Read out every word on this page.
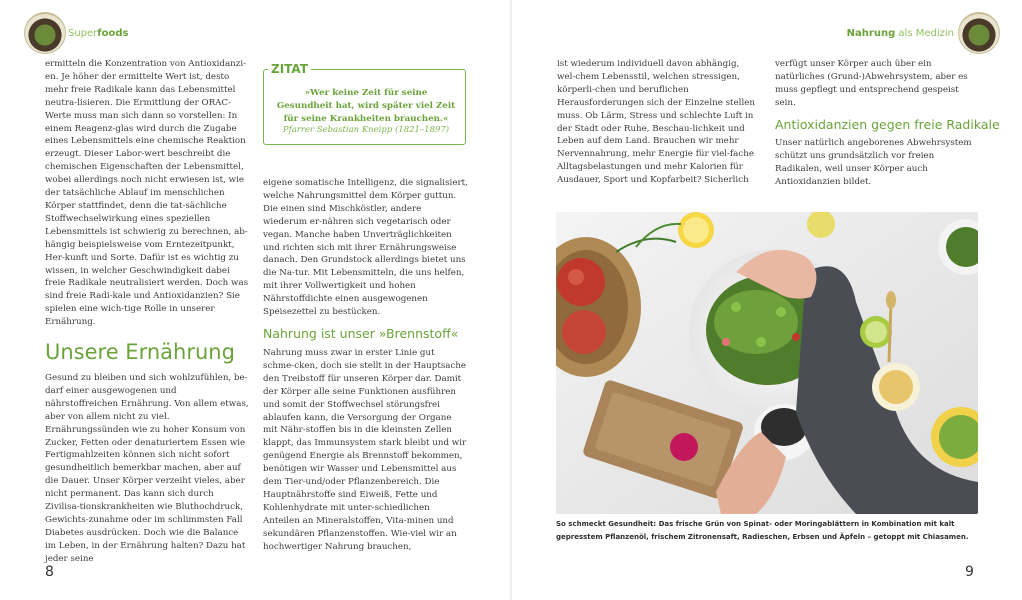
Superfoods	Nahrung als Medizin

ermitteln die Konzentration von Antioxidanzi-en. Je höher der ermittelte Wert ist, desto mehr freie Radikale kann das Lebensmittel neutra-lisieren. Die Ermittlung der ORAC-Werte muss man sich dann so vorstellen: In einem Reagenz-glas wird durch die Zugabe eines Lebensmittels eine chemische Reaktion erzeugt. Dieser Labor-wert beschreibt die chemischen Eigenschaften der Lebensmittel, wobei allerdings noch nicht erwiesen ist, wie der tatsächliche Ablauf im menschlichen Körper stattfindet, denn die tat-sächliche Stoffwechselwirkung eines speziellen Lebensmittels ist schwierig zu berechnen, ab-hängig beispielsweise vom Erntezeitpunkt, Her-kunft und Sorte. Dafür ist es wichtig zu wissen, in welcher Geschwindigkeit dabei freie Radikale neutralisiert werden. Doch was sind freie Radi-kale und Antioxidanzien? Sie spielen eine wich-tige Rolle in unserer Ernährung.

Unsere Ernährung

Gesund zu bleiben und sich wohlzufühlen, be-darf einer ausgewogenen und nährstoffreichen Ernährung. Von allem etwas, aber von allem nicht zu viel. Ernährungssünden wie zu hoher Konsum von Zucker, Fetten oder denaturiertem Essen wie Fertigmahlzeiten können sich nicht sofort gesundheitlich bemerkbar machen, aber auf die Dauer. Unser Körper verzeiht vieles, aber nicht permanent. Das kann sich durch Zivilisa-tionskrankheiten wie Bluthochdruck, Gewichts-zunahme oder im schlimmsten Fall Diabetes ausdrücken. Doch wie die Balance im Leben, in der Ernährung halten? Dazu hat jeder seine

ZITAT
»Wer keine Zeit für seine Gesundheit hat, wird später viel Zeit für seine Krankheiten brauchen.«
Pfarrer Sebastian Kneipp (1821–1897)

eigene somatische Intelligenz, die signalisiert, welche Nahrungsmittel dem Körper guttun. Die einen sind Mischköstler, andere wiederum er-nähren sich vegetarisch oder vegan. Manche haben Unverträglichkeiten und richten sich mit ihrer Ernährungsweise danach. Den Grundstock allerdings bietet uns die Na-tur. Mit Lebensmitteln, die uns helfen, mit ihrer Vollwertigkeit und hohen Nährstoffdichte einen ausgewogenen Speisezettel zu bestücken.

Nahrung ist unser »Brennstoff«

Nahrung muss zwar in erster Linie gut schme-cken, doch sie stellt in der Hauptsache den Treibstoff für unseren Körper dar. Damit der Körper alle seine Funktionen ausführen und somit der Stoffwechsel störungsfrei ablaufen kann, die Versorgung der Organe mit Nähr-stoffen bis in die kleinsten Zellen klappt, das Immunsystem stark bleibt und wir genügend Energie als Brennstoff bekommen, benötigen wir Wasser und Lebensmittel aus dem Tier-und/oder Pflanzenbereich. Die Hauptnährstoffe sind Eiweiß, Fette und Kohlenhydrate mit unter-schiedlichen Anteilen an Mineralstoffen, Vita-minen und sekundären Pflanzenstoffen. Wie-viel wir an hochwertiger Nahrung brauchen,

ist wiederum individuell davon abhängig, wel-chem Lebensstil, welchen stressigen, körperli-chen und beruflichen Herausforderungen sich der Einzelne stellen muss. Ob Lärm, Stress und schlechte Luft in der Stadt oder Ruhe, Beschau-lichkeit und Leben auf dem Land. Brauchen wir mehr Nervennahrung, mehr Energie für viel-fache Alltagsbelastungen und mehr Kalorien für Ausdauer, Sport und Kopfarbeit? Sicherlich

verfügt unser Körper auch über ein natürliches (Grund-)Abwehrsystem, aber es muss gepflegt und entsprechend gespeist sein.

Antioxidanzien gegen freie Radikale

Unser natürlich angeborenes Abwehrsystem schützt uns grundsätzlich vor freien Radikalen, weil unser Körper auch Antioxidanzien bildet.

So schmeckt Gesundheit: Das frische Grün von Spinat- oder Moringablättern in Kombination mit kalt gepresstem Pflanzenöl, frischem Zitronensaft, Radieschen, Erbsen und Äpfeln – getoppt mit Chiasamen.
8	9
